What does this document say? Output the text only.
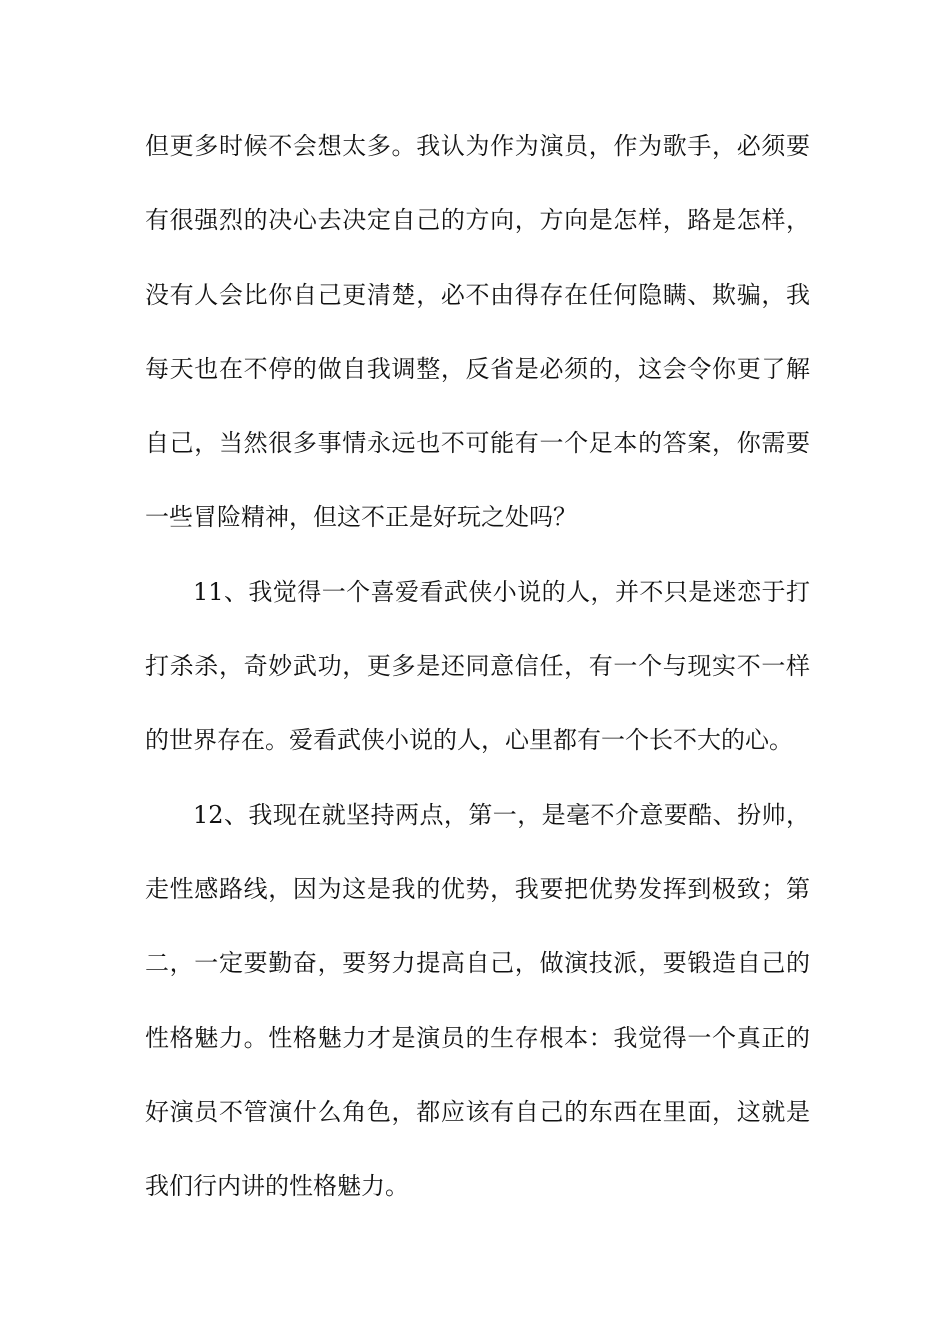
但更多时候不会想太多。我认为作为演员，作为歌手，必须要
有很强烈的决心去决定自己的方向，方向是怎样，路是怎样，
没有人会比你自己更清楚，必不由得存在任何隐瞒、欺骗，我
每天也在不停的做自我调整，反省是必须的，这会令你更了解
自己，当然很多事情永远也不可能有一个足本的答案，你需要
一些冒险精神，但这不正是好玩之处吗？
11、我觉得一个喜爱看武侠小说的人，并不只是迷恋于打
打杀杀，奇妙武功，更多是还同意信任，有一个与现实不一样
的世界存在。爱看武侠小说的人，心里都有一个长不大的心。
12、我现在就坚持两点，第一，是毫不介意要酷、扮帅，
走性感路线，因为这是我的优势，我要把优势发挥到极致；第
二，一定要勤奋，要努力提高自己，做演技派，要锻造自己的
性格魅力。性格魅力才是演员的生存根本：我觉得一个真正的
好演员不管演什么角色，都应该有自己的东西在里面，这就是
我们行内讲的性格魅力。
